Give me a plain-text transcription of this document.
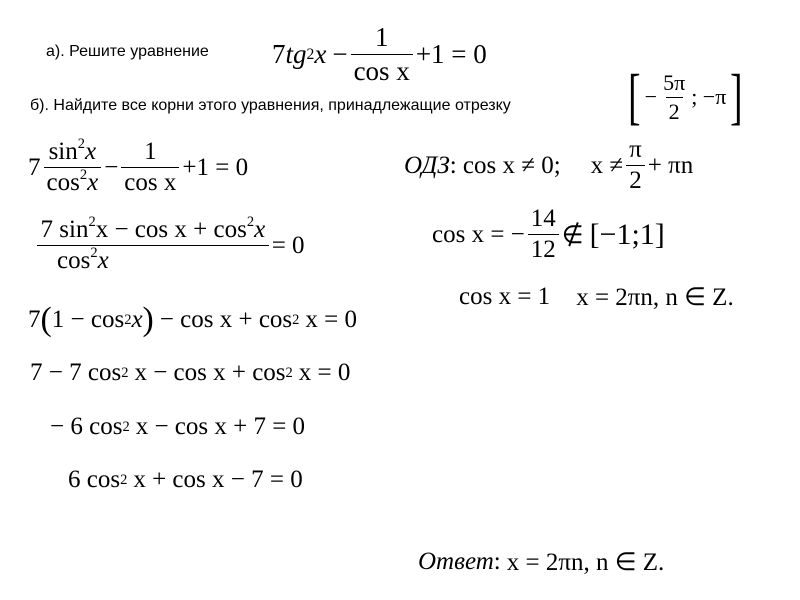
а). Решите уравнение 7 tg 2 $x - \frac{1}{\text{cos x}} +1 = 0$
б). Найдите все корни этого уравнения, принадлежащие отрезку [ − $\frac{5\pi}{2}$ ; −π ]
$7 \frac{\sin^2x}{\cos^2x} - \frac{1}{\text{cos x}} +1 = 0$
$\frac{7 \sin^2x - \cos x + \cos^2x}{\cos^2x} = 0$
7 ( 1 − cos 2 x ) − cos x + cos 2 x = 0
7 − 7 cos 2 x − cos x + cos 2 x = 0
− 6 cos 2 x − cos x + 7 = 0
6 cos 2 x + cos x − 7 = 0
ОДЗ : cos x ≠ 0; $x \ne \frac{\pi}{2} + \pi n$
cos x = − $\frac{14}{12}$ ∉ [−1;1]
cos x = 1 x = 2πn, n ∈ Z.
Ответ : x = 2πn, n ∈ Z.
